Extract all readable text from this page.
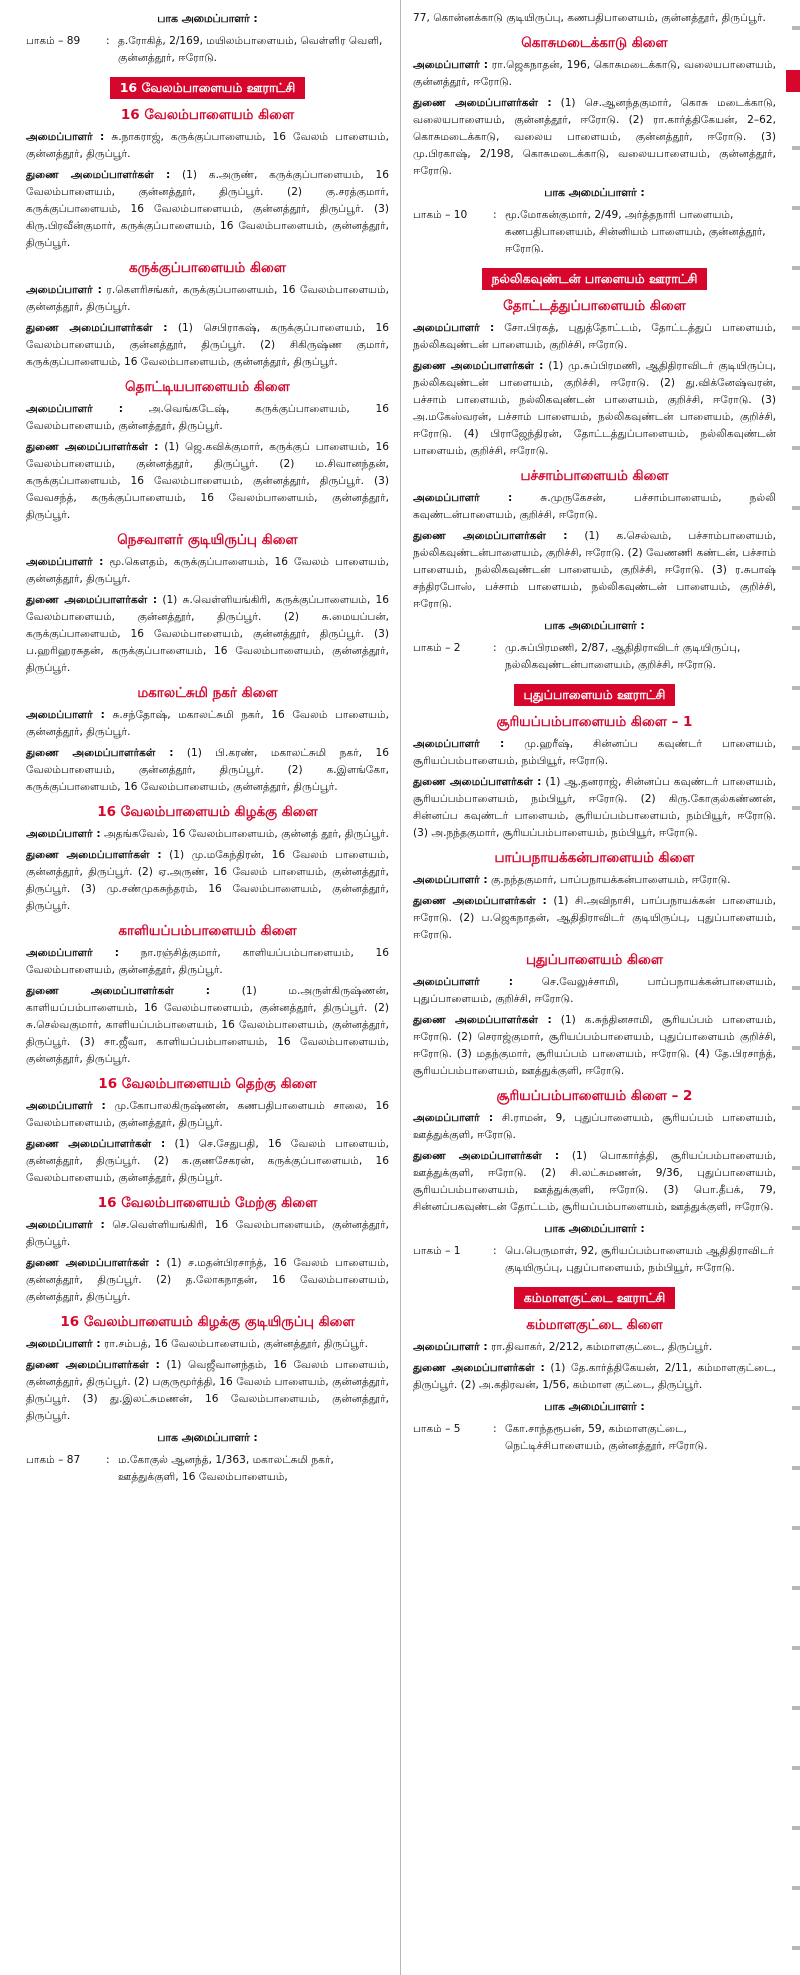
பாக அமைப்பாளர் :
பாகம் – 89	: த.ரோகித், 2/169, மயிலம்பாளையம், வெள்ளிர வெளி, குன்னத்தூர், ஈரோடு.
16 வேலம்பாளையம் ஊராட்சி
16 வேலம்பாளையம் கிளை

அமைப்பாளர் : சு.நாகராஜ், கருக்குப்பாளையம், 16 வேலம் பாளையம், குன்னத்தூர், திருப்பூர்.

துணை அமைப்பாளர்கள் : (1) க.அருண், கருக்குப்பாளையம், 16 வேலம்பாளையம், குன்னத்தூர், திருப்பூர். (2) கு.சரத்குமார், கருக்குப்பாளையம், 16 வேலம்பாளையம், குன்னத்தூர், திருப்பூர். (3) கிரு.பிரவீன்குமார், கருக்குப்பாளையம், 16 வேலம்பாளையம், குன்னத்தூர், திருப்பூர்.

கருக்குப்பாளையம் கிளை

அமைப்பாளர் : ர.கௌரிசங்கர், கருக்குப்பாளையம், 16 வேலம்பாளையம், குன்னத்தூர், திருப்பூர்.

துணை அமைப்பாளர்கள் : (1) செபிராகஷ், கருக்குப்பாளையம், 16 வேலம்பாளையம், குன்னத்தூர், திருப்பூர். (2) சிகிருஷ்ண குமார், கருக்குப்பாளையம், 16 வேலம்பாளையம், குன்னத்தூர், திருப்பூர்.

தொட்டியபாளையம் கிளை

அமைப்பாளர் : அ.வெங்கடேஷ், கருக்குப்பாளையம், 16 வேலம்பாளையம், குன்னத்தூர், திருப்பூர்.

துணை அமைப்பாளர்கள் : (1) ஜெ.கவிக்குமார், கருக்குப் பாளையம், 16 வேலம்பாளையம், குன்னத்தூர், திருப்பூர். (2) ம.சிவானந்தன், கருக்குப்பாளையம், 16 வேலம்பாளையம், குன்னத்தூர், திருப்பூர். (3) வேவசந்த், கருக்குப்பாளையம், 16 வேலம்பாளையம், குன்னத்தூர், திருப்பூர்.

நெசவாளர் குடியிருப்பு கிளை

அமைப்பாளர் : மூ.கௌதம், கருக்குப்பாளையம், 16 வேலம் பாளையம், குன்னத்தூர், திருப்பூர்.

துணை அமைப்பாளர்கள் : (1) சு.வெள்ளியங்கிரி, கருக்குப்பாளையம், 16 வேலம்பாளையம், குன்னத்தூர், திருப்பூர். (2) சு.மையப்பன், கருக்குப்பாளையம், 16 வேலம்பாளையம், குன்னத்தூர், திருப்பூர். (3) ப.ஹரிஹரசுதன், கருக்குப்பாளையம், 16 வேலம்பாளையம், குன்னத்தூர், திருப்பூர்.

மகாலட்சுமி நகர் கிளை

அமைப்பாளர் : சு.சந்தோஷ், மகாலட்சுமி நகர், 16 வேலம் பாளையம், குன்னத்தூர், திருப்பூர்.

துணை அமைப்பாளர்கள் : (1) பி.கரண், மகாலட்சுமி நகர், 16 வேலம்பாளையம், குன்னத்தூர், திருப்பூர். (2) க.இளங்கோ, கருக்குப்பாளையம், 16 வேலம்பாளையம், குன்னத்தூர், திருப்பூர்.

16 வேலம்பாளையம் கிழக்கு கிளை

அமைப்பாளர் : அதங்கவேல், 16 வேலம்பாளையம், குன்னத் தூர், திருப்பூர்.

துணை அமைப்பாளர்கள் : (1) மு.மகேந்திரன், 16 வேலம் பாளையம், குன்னத்தூர், திருப்பூர். (2) ஏ.அருண், 16 வேலம் பாளையம், குன்னத்தூர், திருப்பூர். (3) மு.சண்முகசுந்தரம், 16 வேலம்பாளையம், குன்னத்தூர், திருப்பூர்.

காளியப்பம்பாளையம் கிளை

அமைப்பாளர் : நா.ரஞ்சித்குமார், காளியப்பம்பாளையம், 16 வேலம்பாளையம், குன்னத்தூர், திருப்பூர்.

துணை அமைப்பாளர்கள் :	(1) ம.அருள்கிருஷ்ணன், காளியப்பம்பாளையம், 16 வேலம்பாளையம், குன்னத்தூர், திருப்பூர். (2) சு.செல்வகுமார், காளியப்பம்பாளையம், 16 வேலம்பாளையம், குன்னத்தூர், திருப்பூர். (3) சா.ஜீவா, காளியப்பம்பாளையம், 16 வேலம்பாளையம், குன்னத்தூர், திருப்பூர்.

16 வேலம்பாளையம் தெற்கு கிளை

அமைப்பாளர் : மு.கோபாலகிருஷ்ணன், கணபதிபாளையம் சாலை, 16 வேலம்பாளையம், குன்னத்தூர், திருப்பூர்.

துணை அமைப்பாளர்கள் : (1) செ.சேதுபதி, 16 வேலம் பாளையம், குன்னத்தூர், திருப்பூர். (2) க.குணசேகரன், கருக்குப்பாளையம், 16 வேலம்பாளையம், குன்னத்தூர், திருப்பூர்.

16 வேலம்பாளையம் மேற்கு கிளை

அமைப்பாளர் : செ.வெள்ளியங்கிரி, 16 வேலம்பாளையம், குன்னத்தூர், திருப்பூர்.

துணை அமைப்பாளர்கள் : (1) ச.மதன்பிரசாந்த், 16 வேலம் பாளையம், குன்னத்தூர், திருப்பூர். (2) த.லோகநாதன், 16 வேலம்பாளையம், குன்னத்தூர், திருப்பூர்.

16 வேலம்பாளையம் கிழக்கு குடியிருப்பு கிளை

அமைப்பாளர் : ரா.சம்பத், 16 வேலம்பாளையம், குன்னத்தூர், திருப்பூர்.

துணை அமைப்பாளர்கள் : (1) வெஜீவானந்தம், 16 வேலம் பாளையம், குன்னத்தூர், திருப்பூர். (2) பகுருமூர்த்தி, 16 வேலம் பாளையம், குன்னத்தூர், திருப்பூர். (3) து.இலட்சுமணன், 16 வேலம்பாளையம், குன்னத்தூர், திருப்பூர்.

பாக அமைப்பாளர் :
பாகம் – 87	: ம.கோகுல் ஆனந்த், 1/363, மகாலட்சுமி நகர், ஊத்துக்குளி, 16 வேலம்பாளையம்,

77, கொன்னக்காடு குடியிருப்பு, கணபதிபாளையம், குன்னத்தூர், திருப்பூர்.

கொசுமடைக்காடு கிளை

அமைப்பாளர் : ரா.ஜெகநாதன், 196, கொசுமடைக்காடு, வலையபாளையம், குன்னத்தூர், ஈரோடு.

துணை அமைப்பாளர்கள் : (1) செ.ஆனந்தகுமார், கொசு மடைக்காடு, வலையபாளையம், குன்னத்தூர், ஈரோடு. (2) ரா.கார்த்திகேயன், 2–62, கொசுமடைக்காடு, வலைய பாளையம், குன்னத்தூர், ஈரோடு. (3) மு.பிரகாஷ், 2/198, கொசுமடைக்காடு, வலையபாளையம், குன்னத்தூர், ஈரோடு.

பாக அமைப்பாளர் :
பாகம் – 10	: மூ.மோகன்குமார், 2/49, அர்த்தநாரி பாளையம், கணபதிபாளையம், சின்னியம் பாளையம், குன்னத்தூர், ஈரோடு.
நல்லிகவுண்டன் பாளையம் ஊராட்சி
தோட்டத்துப்பாளையம் கிளை

அமைப்பாளர் : சோ.பிரகத், புதுத்தோட்டம், தோட்டத்துப் பாளையம், நல்லிகவுண்டன் பாளையம், குறிச்சி, ஈரோடு.

துணை அமைப்பாளர்கள் : (1) மு.சுப்பிரமணி, ஆதிதிராவிடர் குடியிருப்பு, நல்லிகவுண்டன் பாளையம், குறிச்சி, ஈரோடு. (2) து.விக்னேஷ்வரன், பச்சாம் பாளையம், நல்லிகவுண்டன் பாளையம், குறிச்சி, ஈரோடு. (3) அ.மகேஸ்வரன், பச்சாம் பாளையம், நல்லிகவுண்டன் பாளையம், குறிச்சி, ஈரோடு. (4) பிராஜேந்திரன், தோட்டத்துப்பாளையம், நல்லிகவுண்டன் பாளையம், குறிச்சி, ஈரோடு.

பச்சாம்பாளையம் கிளை

அமைப்பாளர் :	சு.முருகேசன், பச்சாம்பாளையம், நல்லி கவுண்டன்பாளையம், குறிச்சி, ஈரோடு.

துணை அமைப்பாளர்கள் : (1) க.செல்வம், பச்சாம்பாளையம், நல்லிகவுண்டன்பாளையம், குறிச்சி, ஈரோடு. (2) வேணணி கண்டன், பச்சாம் பாளையம், நல்லிகவுண்டன் பாளையம், குறிச்சி, ஈரோடு. (3) ர.சுபாஷ் சந்திரபோஸ், பச்சாம் பாளையம், நல்லிகவுண்டன் பாளையம், குறிச்சி, ஈரோடு.

பாக அமைப்பாளர் :
பாகம் – 2	: மு.சுப்பிரமணி, 2/87, ஆதிதிராவிடர் குடியிருப்பு, நல்லிகவுண்டன்பாளையம், குறிச்சி, ஈரோடு.
புதுப்பாளையம் ஊராட்சி
சூரியப்பம்பாளையம் கிளை – 1

அமைப்பாளர் : மு.ஹரீஷ், சின்னப்ப கவுண்டர் பாளையம், சூரியப்பம்பாளையம், நம்பியூர், ஈரோடு.

துணை அமைப்பாளர்கள் : (1) ஆ.தனராஜ், சின்னப்ப கவுண்டர் பாளையம், சூரியப்பம்பாளையம், நம்பியூர், ஈரோடு. (2) கிரு.கோகுல்கண்ணன், சின்னப்ப கவுண்டர் பாளையம், சூரியப்பம்பாளையம், நம்பியூர், ஈரோடு. (3) அ.நந்தகுமார், சூரியப்பம்பாளையம், நம்பியூர், ஈரோடு.

பாப்பநாயக்கன்பாளையம் கிளை

அமைப்பாளர் : கு.நந்தகுமார், பாப்பநாயக்கன்பாளையம், ஈரோடு.

துணை அமைப்பாளர்கள் : (1) சி.அவிநாசி, பாப்பநாயக்கன் பாளையம், ஈரோடு. (2) ப.ஜெகநாதன், ஆதிதிராவிடர் குடியிருப்பு, புதுப்பாளையம், ஈரோடு.

புதுப்பாளையம் கிளை

அமைப்பாளர் :	செ.வேலுச்சாமி, பாப்பநாயக்கன்பாளையம், புதுப்பாளையம், குறிச்சி, ஈரோடு.

துணை அமைப்பாளர்கள் : (1) க.சுந்தினசாமி, சூரியப்பம் பாளையம், ஈரோடு. (2) செராஜ்குமார், சூரியப்பம்பாளையம், புதுப்பாளையம் குறிச்சி, ஈரோடு. (3) மதந்குமார், சூரியப்பம் பாளையம், ஈரோடு. (4) தே.பிரசாந்த், சூரியப்பம்பாளையம், ஊத்துக்குளி, ஈரோடு.

சூரியப்பம்பாளையம் கிளை – 2

அமைப்பாளர் : சி.ராமன், 9, புதுப்பாளையம், சூரியப்பம் பாளையம், ஊத்துக்குளி, ஈரோடு.

துணை அமைப்பாளர்கள் : (1) பொகார்த்தி, சூரியப்பம்பாளையம், ஊத்துக்குளி, ஈரோடு. (2) சி.லட்சுமணன், 9/36, புதுப்பாளையம், சூரியப்பம்பாளையம், ஊத்துக்குளி, ஈரோடு. (3) பொ.தீபக், 79, சின்னப்பகவுண்டன் தோட்டம், சூரியப்பம்பாளையம், ஊத்துக்குளி, ஈரோடு.

பாக அமைப்பாளர் :
பாகம் – 1	: பெ.பெருமாள், 92, சூரியப்பம்பாளையம் ஆதிதிராவிடர் குடியிருப்பு, புதுப்பாளையம், நம்பியூர், ஈரோடு.
கம்மாளகுட்டை ஊராட்சி
கம்மாளகுட்டை கிளை

அமைப்பாளர் : ரா.திவாகர், 2/212, கம்மாளகுட்டை, திருப்பூர்.

துணை அமைப்பாளர்கள் : (1) தே.கார்த்திகேயன், 2/11, கம்மாளகுட்டை, திருப்பூர். (2) அ.கதிரவன், 1/56, கம்மாள குட்டை, திருப்பூர்.

பாக அமைப்பாளர் :
பாகம் – 5	: கோ.சாந்தரூபன், 59, கம்மாளகுட்டை, நெட்டிச்சிபாளையம், குன்னத்தூர், ஈரோடு.
